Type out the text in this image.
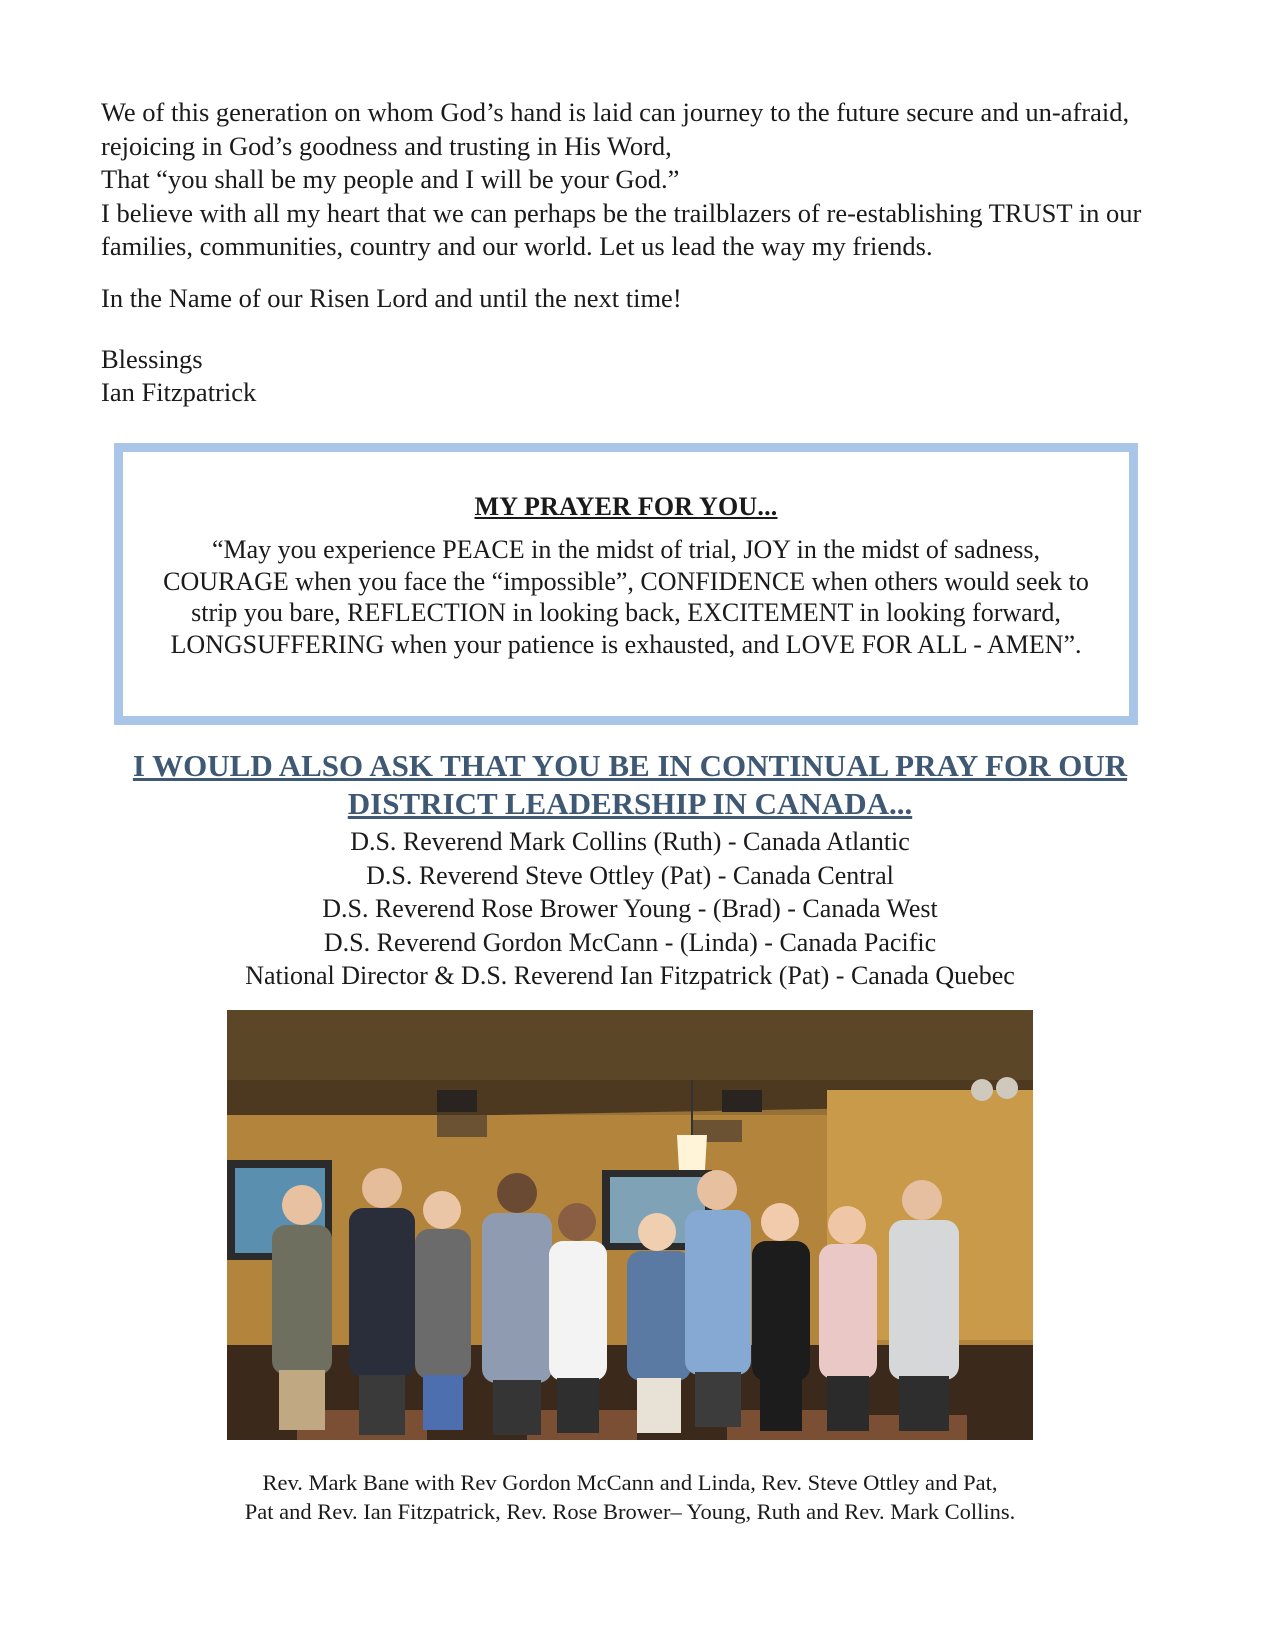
We of this generation on whom God’s hand is laid can journey to the future secure and un-afraid, rejoicing in God’s goodness and trusting in His Word,

That “you shall be my people and I will be your God.”

I believe with all my heart that we can perhaps be the trailblazers of re-establishing TRUST in our families, communities, country and our world. Let us lead the way my friends.

In the Name of our Risen Lord and until the next time!

Blessings
Ian Fitzpatrick
MY PRAYER FOR YOU...
“May you experience PEACE in the midst of trial, JOY in the midst of sadness, COURAGE when you face the “impossible”, CONFIDENCE when others would seek to strip you bare, REFLECTION in looking back, EXCITEMENT in looking forward, LONGSUFFERING when your patience is exhausted, and LOVE FOR ALL - AMEN”.
I WOULD ALSO ASK THAT YOU BE IN CONTINUAL PRAY FOR OUR DISTRICT LEADERSHIP IN CANADA...
D.S. Reverend Mark Collins (Ruth) - Canada Atlantic
D.S. Reverend Steve Ottley (Pat) - Canada Central
D.S. Reverend Rose Brower Young - (Brad) - Canada West
D.S. Reverend Gordon McCann - (Linda) - Canada Pacific
National Director & D.S. Reverend Ian Fitzpatrick (Pat) - Canada Quebec
Rev. Mark Bane with Rev Gordon McCann and Linda, Rev. Steve Ottley and Pat,
Pat and Rev. Ian Fitzpatrick, Rev. Rose Brower– Young, Ruth and Rev. Mark Collins.
